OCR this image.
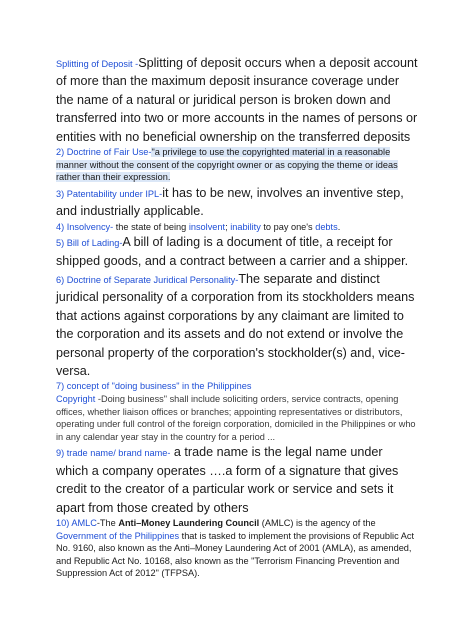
Splitting of Deposit -Splitting of deposit occurs when a deposit account of more than the maximum deposit insurance coverage under the name of a natural or juridical person is broken down and transferred into two or more accounts in the names of persons or entities with no beneficial ownership on the transferred deposits

2) Doctrine of Fair Use-"a privilege to use the copyrighted material in a reasonable manner without the consent of the copyright owner or as copying the theme or ideas rather than their expression.

3) Patentability under IPL-it has to be new, involves an inventive step, and industrially applicable.

4) Insolvency- the state of being insolvent; inability to pay one's debts.

5) Bill of Lading-A bill of lading is a document of title, a receipt for shipped goods, and a contract between a carrier and a shipper.

6) Doctrine of Separate Juridical Personality-The separate and distinct juridical personality of a corporation from its stockholders means that actions against corporations by any claimant are limited to the corporation and its assets and do not extend or involve the personal property of the corporation's stockholder(s) and, vice-versa.

7) concept of "doing business" in the Philippines
Copyright -Doing business" shall include soliciting orders, service contracts, opening offices, whether liaison offices or branches; appointing representatives or distributors, operating under full control of the foreign corporation, domiciled in the Philippines or who in any calendar year stay in the country for a period ...

9) trade name/ brand name- a trade name is the legal name under which a company operates ….a form of a signature that gives credit to the creator of a particular work or service and sets it apart from those created by others

10) AMLC-The Anti–Money Laundering Council (AMLC) is the agency of the Government of the Philippines that is tasked to implement the provisions of Republic Act No. 9160, also known as the Anti–Money Laundering Act of 2001 (AMLA), as amended, and Republic Act No. 10168, also known as the "Terrorism Financing Prevention and Suppression Act of 2012" (TFPSA).
